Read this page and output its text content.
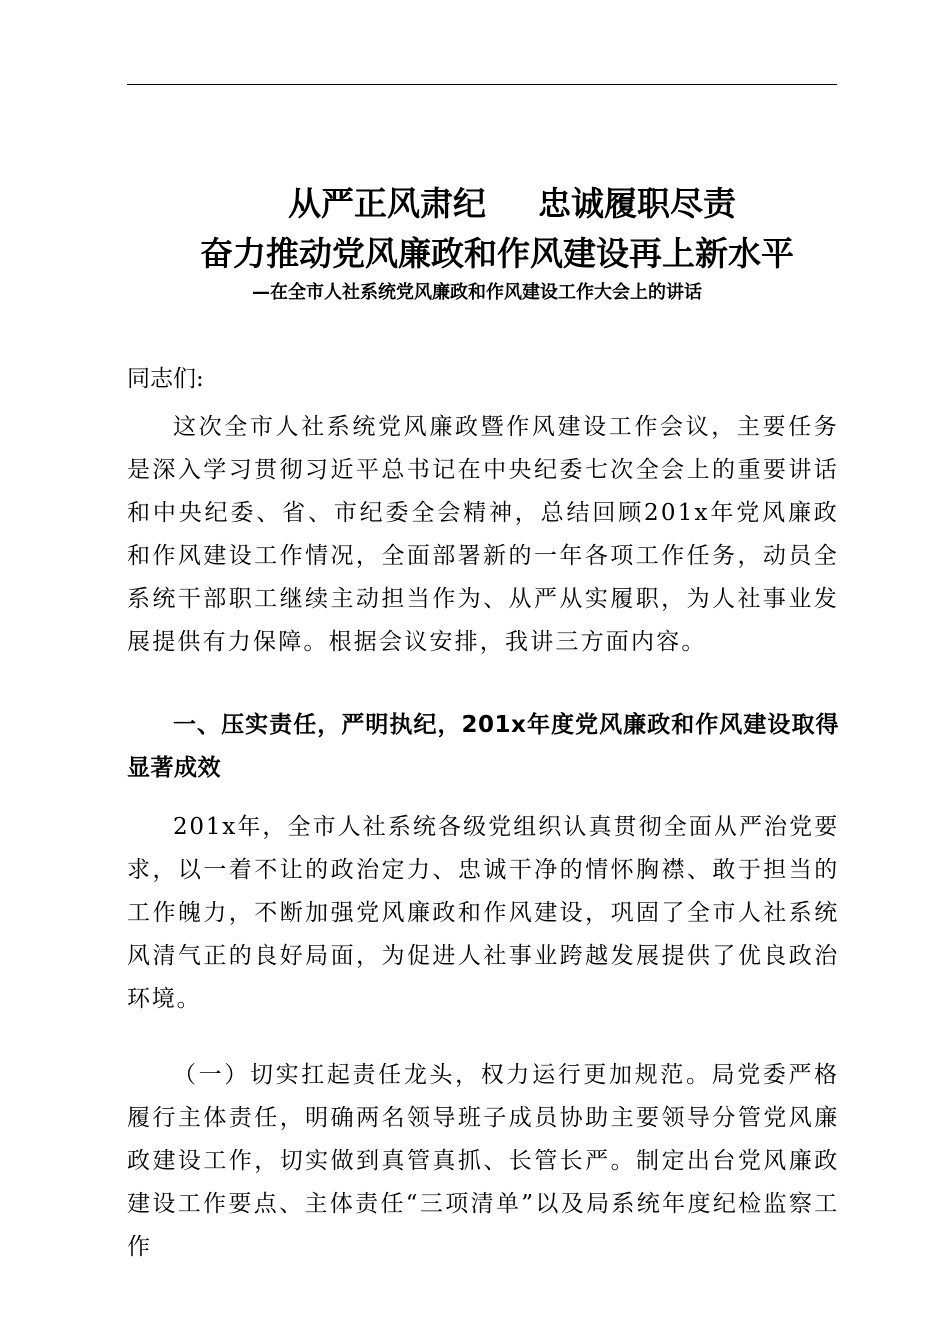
从严正风肃纪 忠诚履职尽责
奋力推动党风廉政和作风建设再上新水平
—在全市人社系统党风廉政和作风建设工作大会上的讲话

同志们:

这次全市人社系统党风廉政暨作风建设工作会议，主要任务是深入学习贯彻习近平总书记在中央纪委七次全会上的重要讲话和中央纪委、省、市纪委全会精神，总结回顾201x年党风廉政和作风建设工作情况，全面部署新的一年各项工作任务，动员全系统干部职工继续主动担当作为、从严从实履职，为人社事业发展提供有力保障。根据会议安排，我讲三方面内容。

一、压实责任，严明执纪，201x年度党风廉政和作风建设取得显著成效

201x年，全市人社系统各级党组织认真贯彻全面从严治党要求，以一着不让的政治定力、忠诚干净的情怀胸襟、敢于担当的工作魄力，不断加强党风廉政和作风建设，巩固了全市人社系统风清气正的良好局面，为促进人社事业跨越发展提供了优良政治环境。

（一）切实扛起责任龙头，权力运行更加规范。局党委严格履行主体责任，明确两名领导班子成员协助主要领导分管党风廉政建设工作，切实做到真管真抓、长管长严。制定出台党风廉政建设工作要点、主体责任“三项清单”以及局系统年度纪检监察工作
